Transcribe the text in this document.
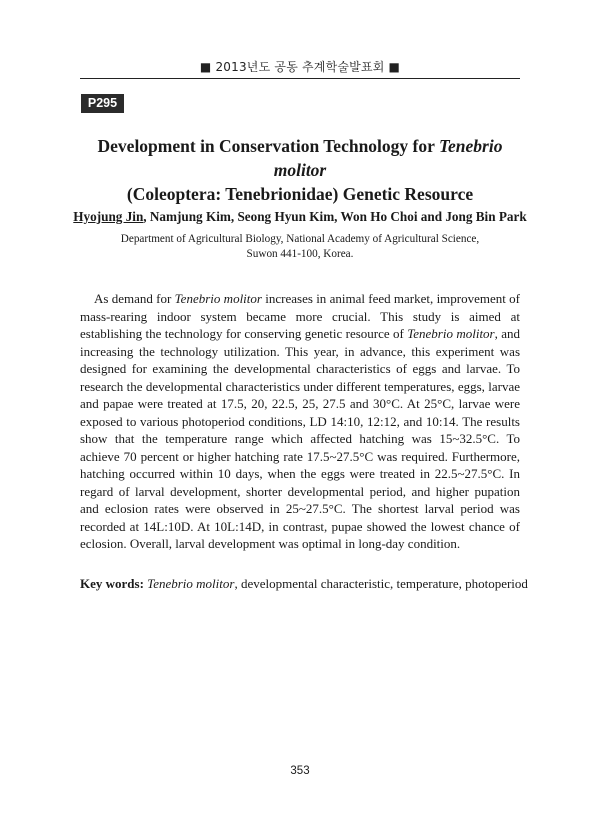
■ 2013년도 공동 추계학술발표회 ■
P295
Development in Conservation Technology for Tenebrio molitor
(Coleoptera: Tenebrionidae) Genetic Resource
Hyojung Jin, Namjung Kim, Seong Hyun Kim, Won Ho Choi and Jong Bin Park
Department of Agricultural Biology, National Academy of Agricultural Science,
Suwon 441-100, Korea.

As demand for Tenebrio molitor increases in animal feed market, improvement of mass-rearing indoor system became more crucial. This study is aimed at establishing the technology for conserving genetic resource of Tenebrio molitor, and increasing the technology utilization. This year, in advance, this experiment was designed for examining the developmental characteristics of eggs and larvae. To research the developmental characteristics under different temperatures, eggs, larvae and papae were treated at 17.5, 20, 22.5, 25, 27.5 and 30°C. At 25°C, larvae were exposed to various photoperiod conditions, LD 14:10, 12:12, and 10:14. The results show that the temperature range which affected hatching was 15~32.5°C. To achieve 70 percent or higher hatching rate 17.5~27.5°C was required. Furthermore, hatching occurred within 10 days, when the eggs were treated in 22.5~27.5°C. In regard of larval development, shorter developmental period, and higher pupation and eclosion rates were observed in 25~27.5°C. The shortest larval period was recorded at 14L:10D. At 10L:14D, in contrast, pupae showed the lowest chance of eclosion. Overall, larval development was optimal in long-day condition.

Key words: Tenebrio molitor, developmental characteristic, temperature, photoperiod
353
